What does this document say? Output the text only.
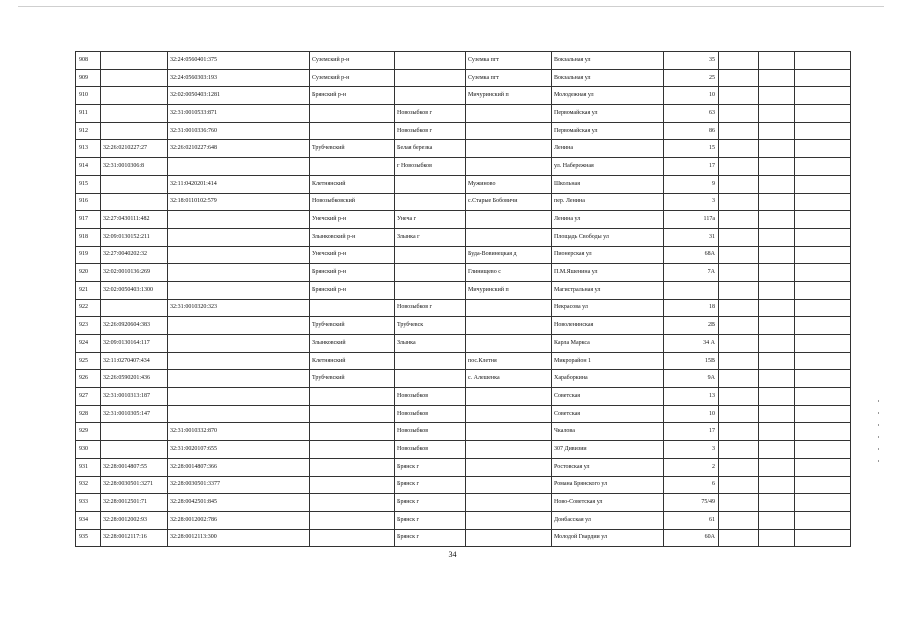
908		32:24:0560401:375	Суземский р-н		Суземка пгт	Вокзальная ул	35			
909		32:24:0560303:193	Суземский р-н		Суземка пгт	Вокзальная ул	25			
910		32:02:0050403:1281	Брянский р-н		Мичуринский п	Молодежная ул	10			
911		32:31:0010533:871		Новозыбков г		Первомайская ул	63			
912		32:31:0010336:760		Новозыбков г		Первомайская ул	86			
913	32:26:0210227:27	32:26:0210227:648	Трубчевский	Белая березка		Ленина	15			
914	32:31:0010306:8			г Новозыбков		ул. Набережная	17			
915		32:11:0420201:414	Клетнянский		Мужиново	Школьная	9			
916		32:18:0110102:579	Новозыбковский		с.Старые Бобовичи	пер. Ленина	3			
917	32:27:0430111:482		Унечский р-н	Унеча г		Ленина ул	117а			
918	32:09:0130152:211		Злынковский р-н	Злынка г		Площадь Свободы ул	31			
919	32:27:0040202:32		Унечский р-н		Буда-Вовинецкая д	Пионерская ул	68А			
920	32:02:0010136:269		Брянский р-н		Глинищево с	П.М.Яшенина ул	7А			
921	32:02:0050403:1300		Брянский р-н		Мичуринский п	Магистральная ул				
922		32:31:0010320:323		Новозыбков г		Некрасова ул	18			
923	32:26:0920604:383		Трубчевский	Трубчевск		Новоленинская	2В			
924	32:09:0130164:117		Злынковский	Злынка		Карла Маркса	34 А			
925	32:11:0270407:434		Клетнянский		пос.Клетня	Микрорайон 1	15В			
926	32:26:0590201:436		Трубчевский		с. Алешенка	Хараборкина	9А			
927	32:31:0010313:187			Новозыбков		Советская	13			
928	32:31:0010305:147			Новозыбков		Советская	10			
929		32:31:0010332:870		Новозыбков		Чкалова	17			
930		32:31:0020107:655		Новозыбков		307 Дивизии	3			
931	32:28:0014807:55	32:28:0014807:366		Брянск г		Ростовская ул	2			
932	32:28:0030501:3271	32:28:0030501:3377		Брянск г		Романа Брянского ул	6			
933	32:28:0012501:71	32:28:0042501:845		Брянск г		Ново-Советская ул	75/49			
934	32:28:0012002:93	32:28:0012002:786		Брянск г		Донбасская ул	61			
935	32:28:0012117:16	32:28:0012113:300		Брянск г		Молодой Гвардии ул	60А			
34
